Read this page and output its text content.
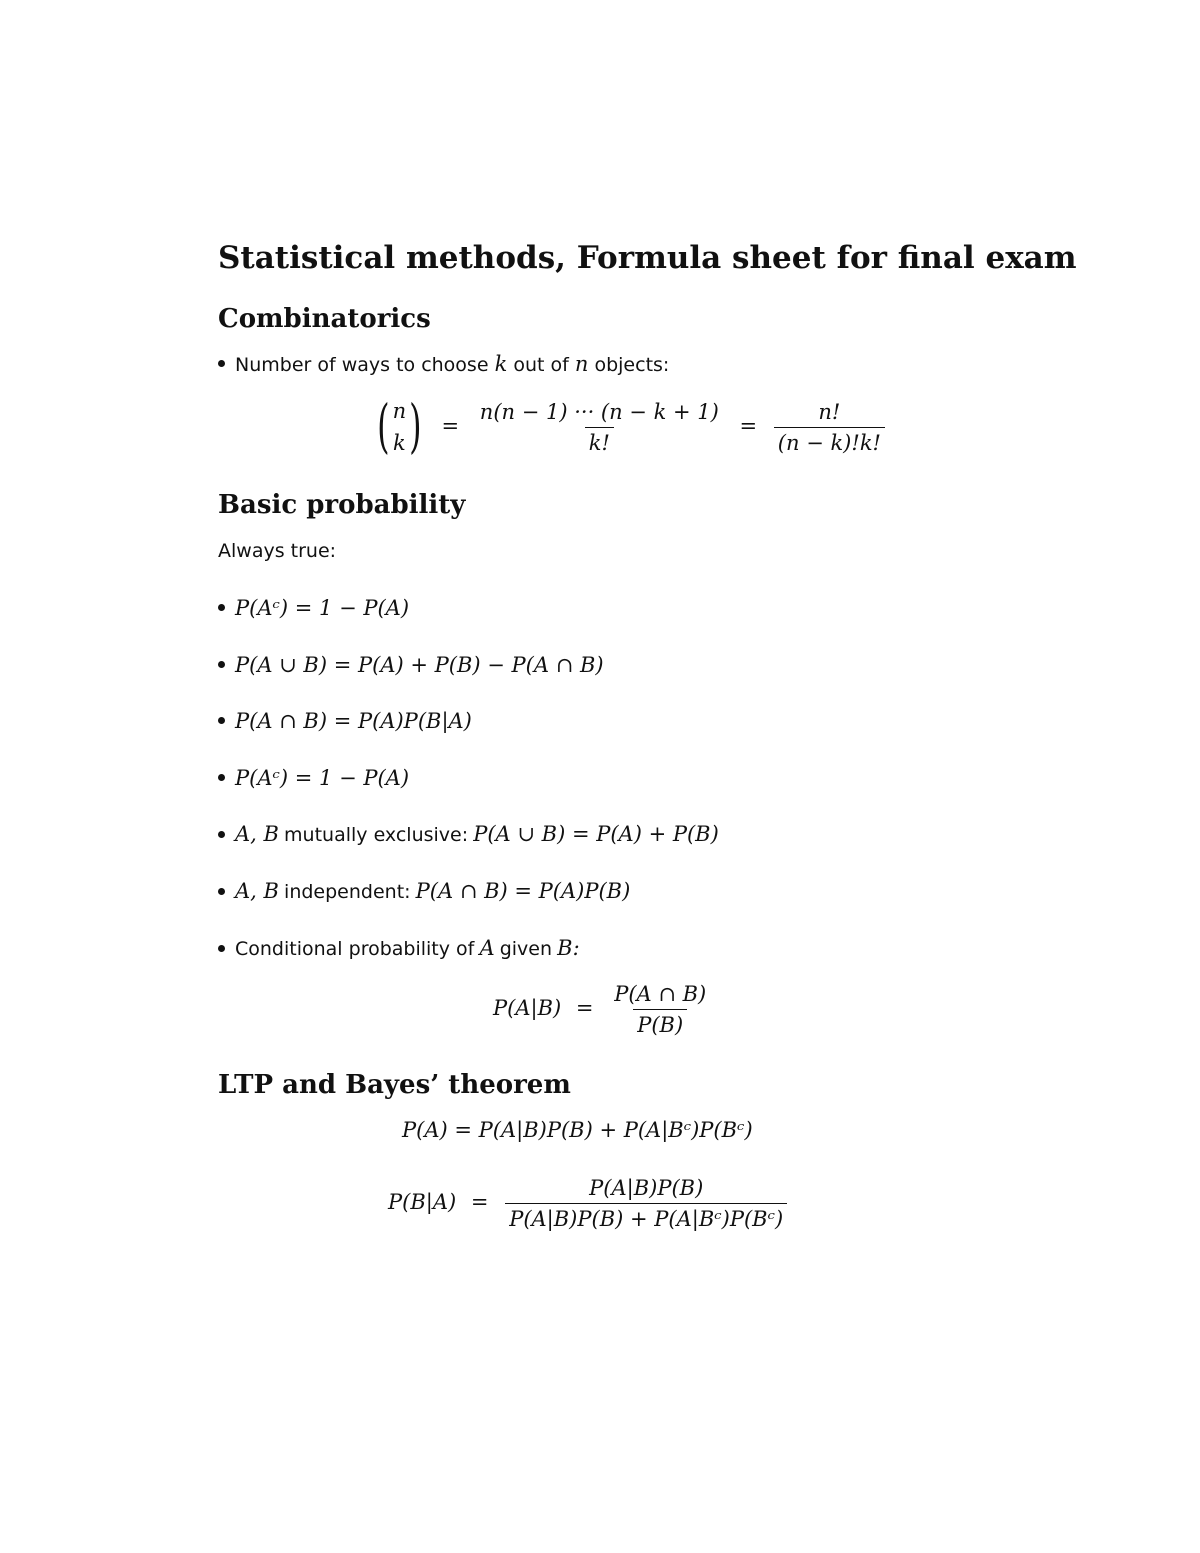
Statistical methods, Formula sheet for final exam
Combinatorics
Number of ways to choose k out of n objects:
( n
k ) = $\frac{n(n - 1) \cdot\cdot\cdot (n - k + 1)}{k!} = \frac{n!}{(n - k)!k!}$
Basic probability
Always true:
P(Aᶜ) = 1 − P(A)
P(A ∪ B) = P(A) + P(B) − P(A ∩ B)
P(A ∩ B) = P(A)P(B|A)
P(Aᶜ) = 1 − P(A)
A, B mutually exclusive: P(A ∪ B) = P(A) + P(B)
A, B independent: P(A ∩ B) = P(A)P(B)
Conditional probability of A given B:
$P(A|B) = \frac{P(A \cap B)}{P(B)}$
LTP and Bayes’ theorem
P(A) = P(A|B)P(B) + P(A|Bᶜ)P(Bᶜ)
$P(B|A) = \frac{P(A|B)P(B)}{\text{P(A|B)P(B) + P(A|Bᶜ)P(Bᶜ)}}$
